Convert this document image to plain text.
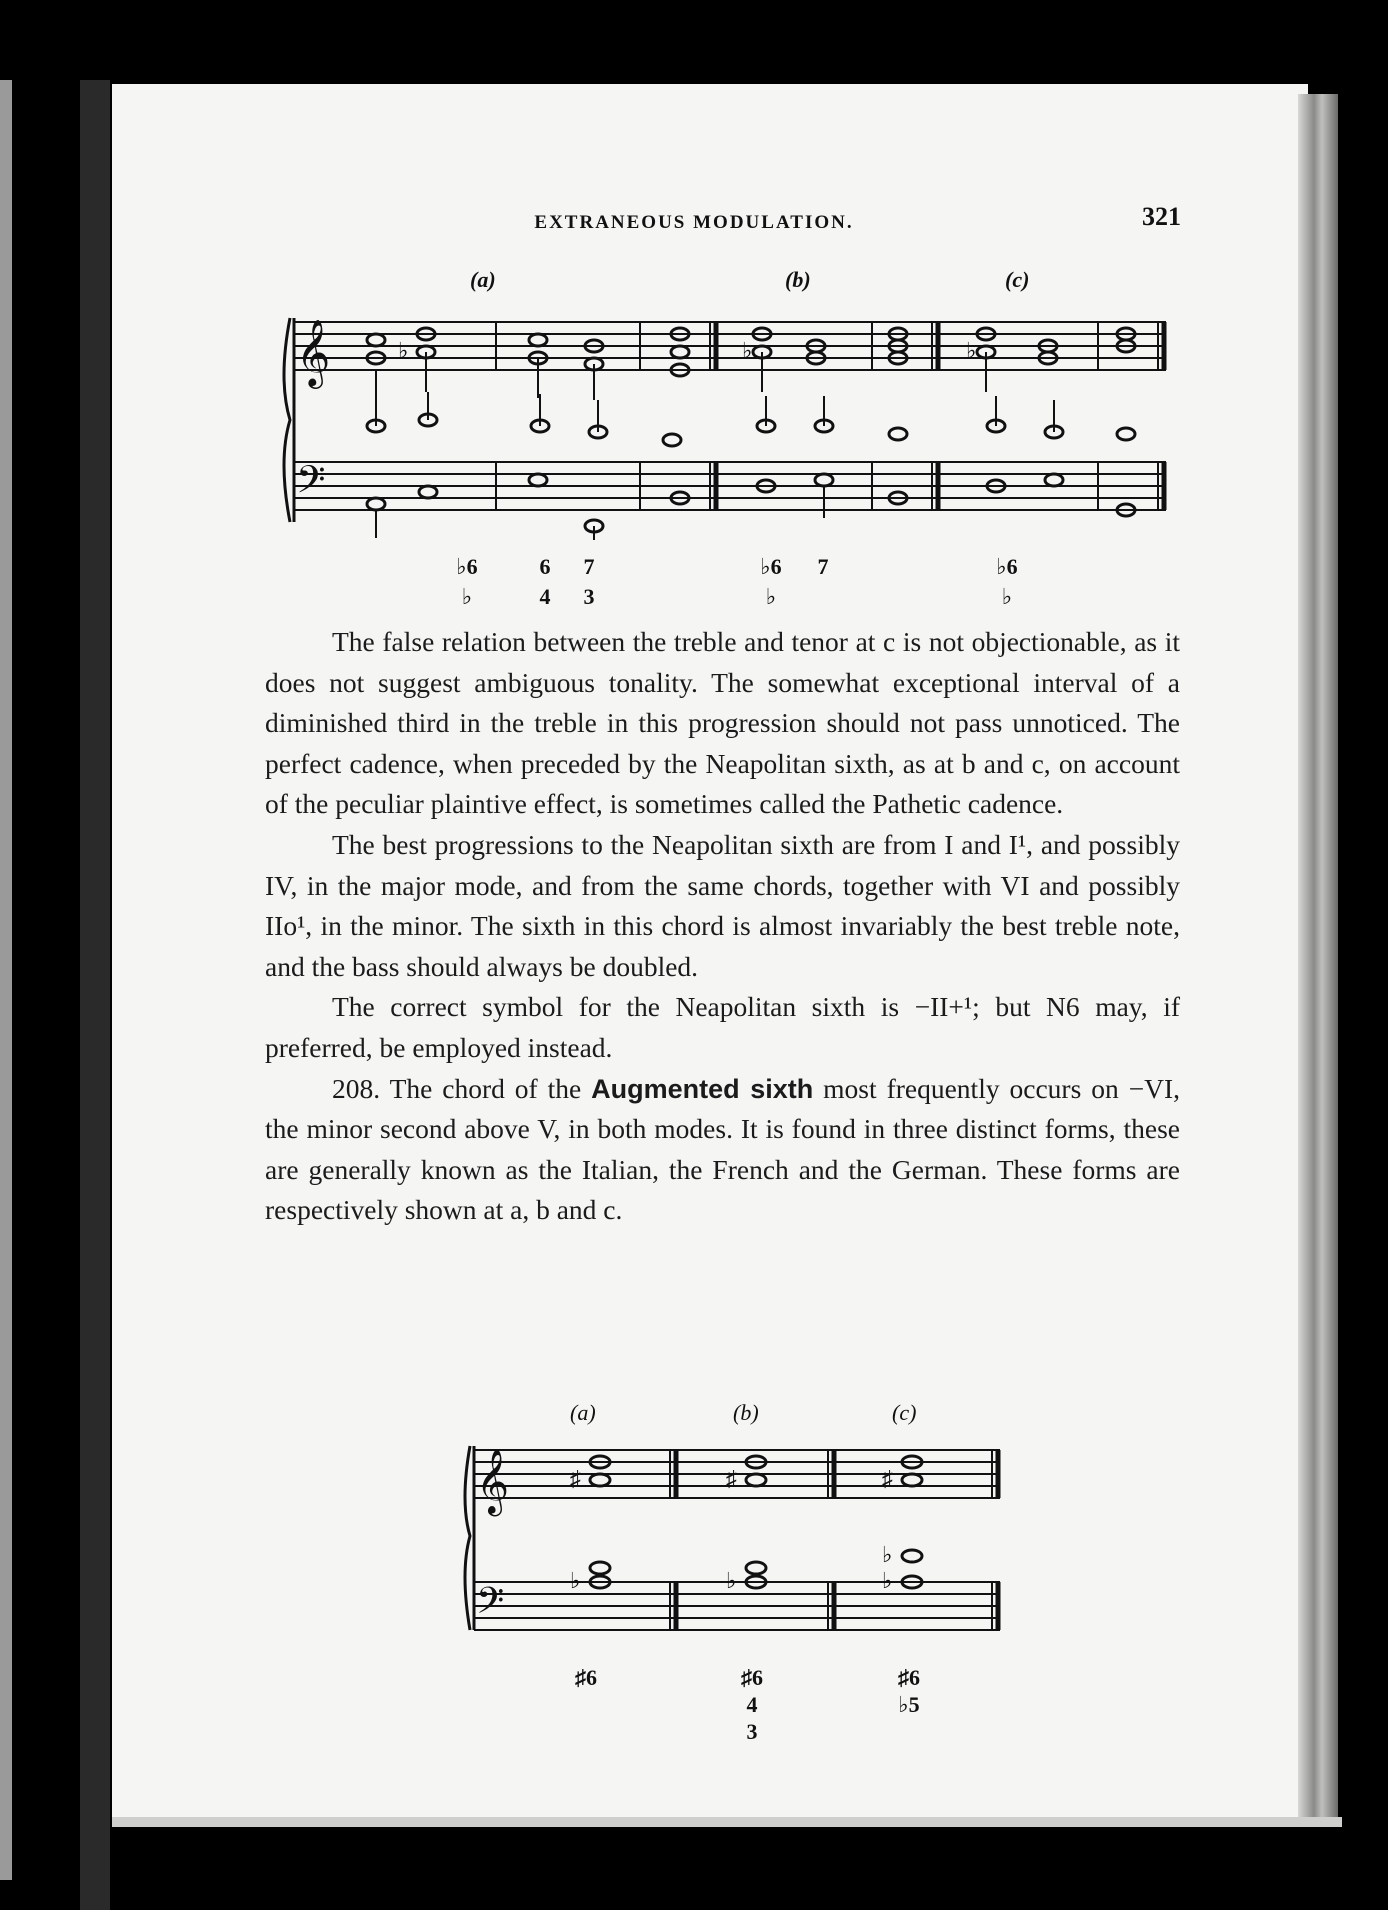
EXTRANEOUS MODULATION.	321
(a)	(b)	(c)
𝄞
𝄢
♭	♭	♭
♭6
♭
6
4
7
3
♭6
♭
7	♭6
♭

The false relation between the treble and tenor at c is not objectionable, as it does not suggest ambiguous tonality. The somewhat exceptional interval of a diminished third in the treble in this progression should not pass unnoticed. The perfect cadence, when preceded by the Neapolitan sixth, as at b and c, on account of the peculiar plaintive effect, is sometimes called the Pathetic cadence.

The best progressions to the Neapolitan sixth are from I and I¹, and possibly IV, in the major mode, and from the same chords, together with VI and possibly IIo¹, in the minor. The sixth in this chord is almost invariably the best treble note, and the bass should always be doubled.

The correct symbol for the Neapolitan sixth is −II+¹; but N6 may, if preferred, be employed instead.

208. The chord of the Augmented sixth most frequently occurs on −VI, the minor second above V, in both modes. It is found in three distinct forms, these are generally known as the Italian, the French and the German. These forms are respectively shown at a, b and c.

(a)	(b)	(c)
𝄞
𝄢
♯	♯	♯
♭	♭
♭
♭
♯6	♯6
4
3
♯6
♭5
